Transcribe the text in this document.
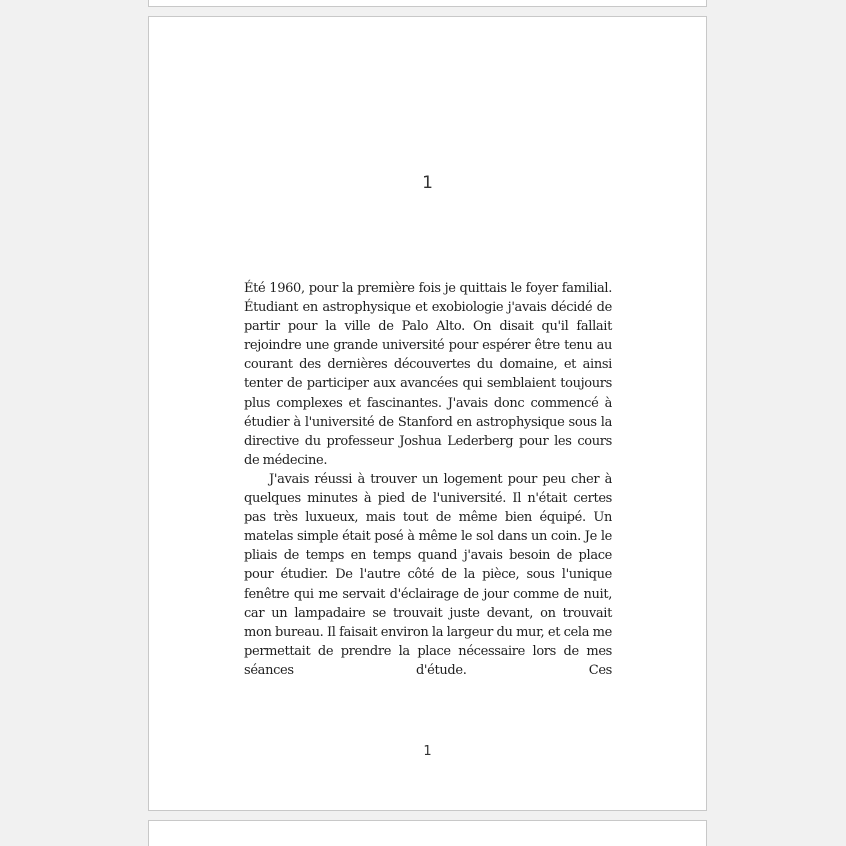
1

Été 1960, pour la première fois je quittais le foyer familial. Étudiant en astrophysique et exobiologie j'avais décidé de partir pour la ville de Palo Alto. On disait qu'il fallait rejoindre une grande université pour espérer être tenu au courant des dernières découvertes du domaine, et ainsi tenter de participer aux avancées qui semblaient toujours plus complexes et fascinantes. J'avais donc commencé à étudier à l'université de Stanford en astrophysique sous la directive du professeur Joshua Lederberg pour les cours de médecine.

J'avais réussi à trouver un logement pour peu cher à quelques minutes à pied de l'université. Il n'était certes pas très luxueux, mais tout de même bien équipé. Un matelas simple était posé à même le sol dans un coin. Je le pliais de temps en temps quand j'avais besoin de place pour étudier. De l'autre côté de la pièce, sous l'unique fenêtre qui me servait d'éclairage de jour comme de nuit, car un lampadaire se trouvait juste devant, on trouvait mon bureau. Il faisait environ la largeur du mur, et cela me permettait de prendre la place nécessaire lors de mes séances d'étude. Ces

1
